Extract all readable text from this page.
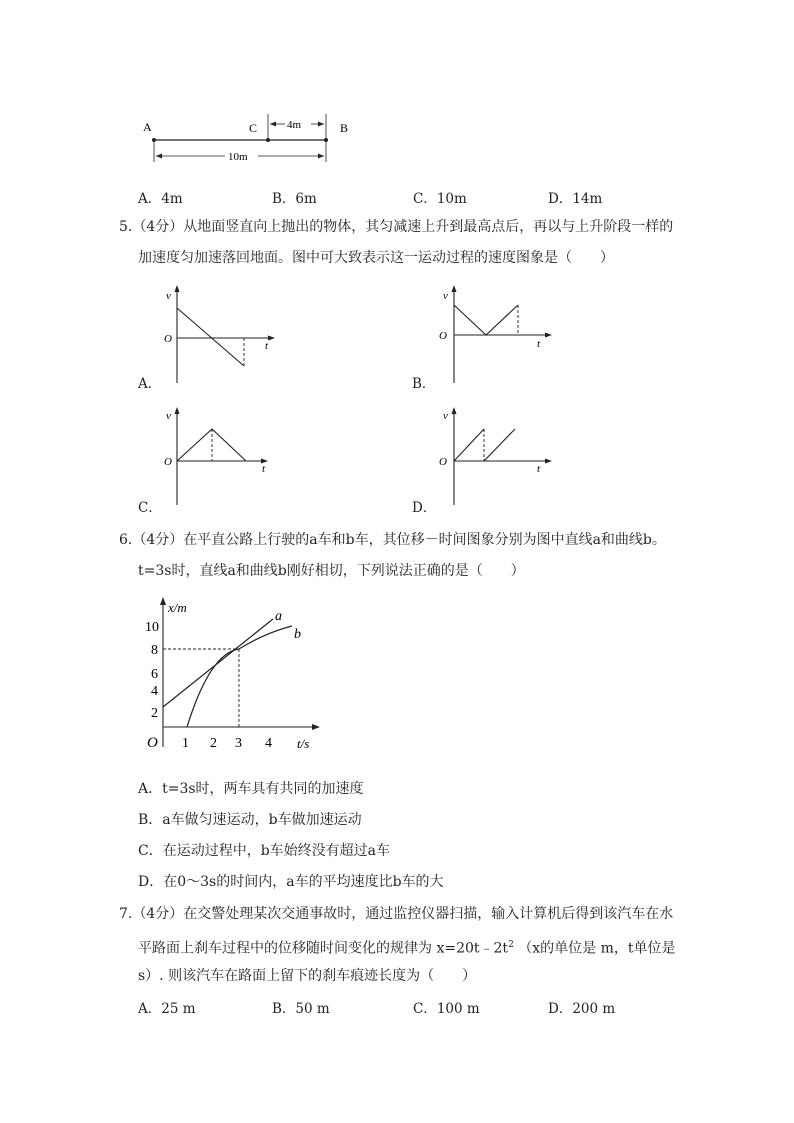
A	C	B
4m
10m
A．4m	B．6m	C．10m	D．14m
5.（4分）从地面竖直向上抛出的物体，其匀减速上升到最高点后，再以与上升阶段一样的
加速度匀加速落回地面。图中可大致表示这一运动过程的速度图象是（　　）
v
t
O
A．
v
t
O
B．
v
t
O
C．
v
t
O
D．
6.（4分）在平直公路上行驶的a车和b车，其位移－时间图象分别为图中直线a和曲线b。
t=3s时，直线a和曲线b刚好相切，下列说法正确的是（　　）
x/m
t/s
O
10
8
6
4
2
1 2 3 4
a
b
A．t=3s时，两车具有共同的加速度
B．a车做匀速运动，b车做加速运动
C．在运动过程中，b车始终没有超过a车
D．在0～3s的时间内，a车的平均速度比b车的大
7.（4分）在交警处理某次交通事故时，通过监控仪器扫描，输入计算机后得到该汽车在水
平路面上刹车过程中的位移随时间变化的规律为 $x=20t﹣2t^2$ （x的单位是 m，t单位是
s）. 则该汽车在路面上留下的刹车痕迹长度为（　　）
A．25 m	B．50 m	C．100 m	D．200 m
